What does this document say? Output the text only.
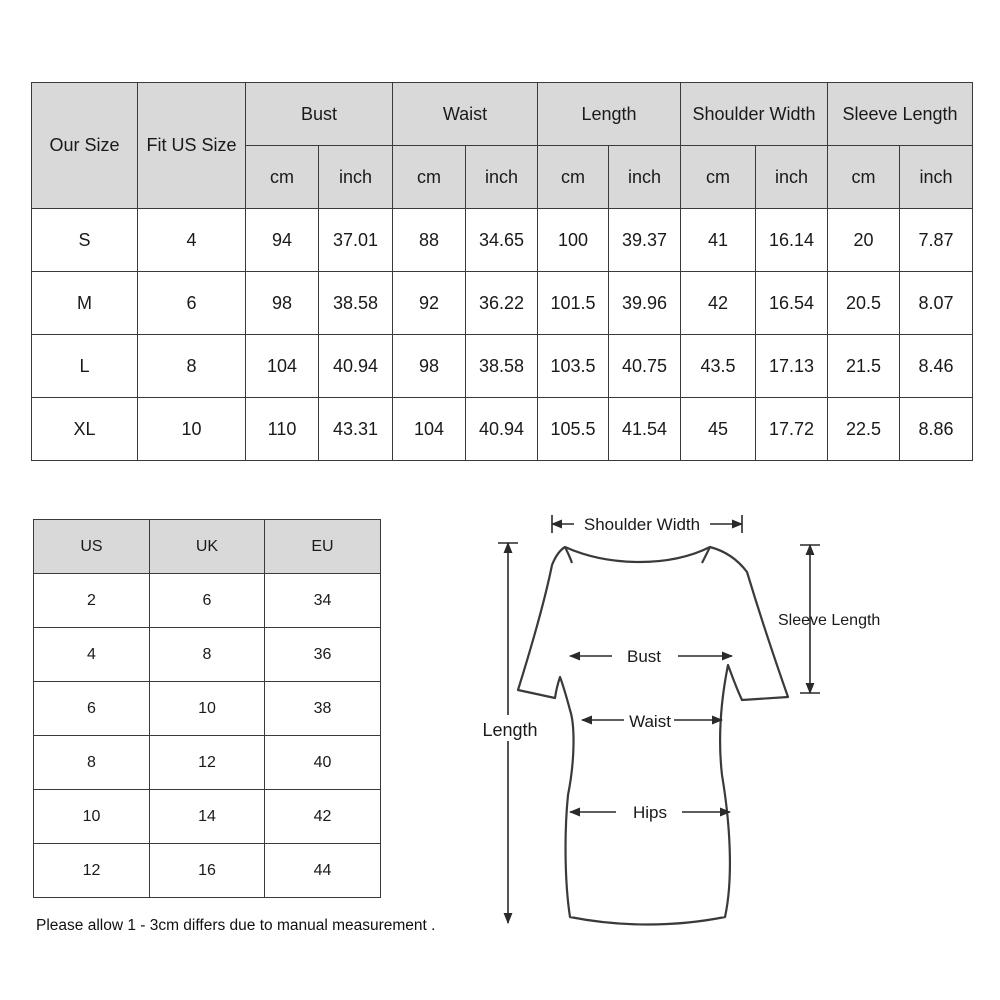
Our Size	Fit US Size	Bust		Waist		Length		Shoulder Width		Sleeve Length	
		cm	inch	cm	inch	cm	inch	cm	inch	cm	inch
S	4	94	37.01	88	34.65	100	39.37	41	16.14	20	7.87
M	6	98	38.58	92	36.22	101.5	39.96	42	16.54	20.5	8.07
L	8	104	40.94	98	38.58	103.5	40.75	43.5	17.13	21.5	8.46
XL	10	110	43.31	104	40.94	105.5	41.54	45	17.72	22.5	8.86
US	UK	EU
2	6	34
4	8	36
6	10	38
8	12	40
10	14	42
12	16	44
Please allow 1 - 3cm differs due to manual measurement .
Shoulder Width
Sleeve Length
Length
Bust
Waist
Hips
